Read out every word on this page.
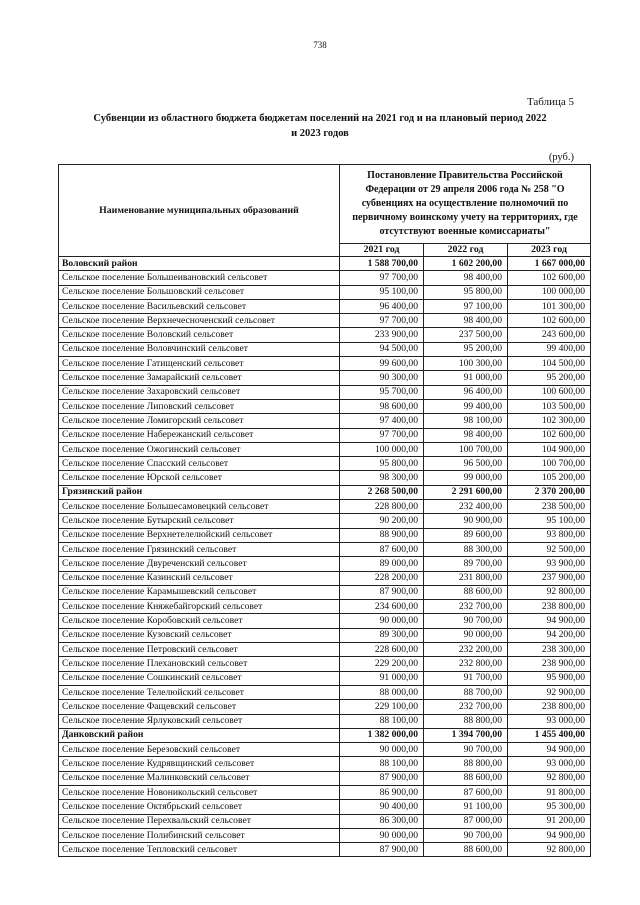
738
Таблица 5
Субвенции из областного бюджета бюджетам поселений на 2021 год и на плановый период 2022
и 2023 годов
(руб.)
Наименование муниципальных образований	Постановление Правительства Российской Федерации от 29 апреля 2006 года № 258 "О субвенциях на осуществление полномочий по первичному воинскому учету на территориях, где отсутствуют военные комиссариаты"		
	2021 год	2022 год	2023 год
Воловский район	1 588 700,00	1 602 200,00	1 667 000,00
Сельское поселение Большеивановский сельсовет	97 700,00	98 400,00	102 600,00
Сельское поселение Большовский сельсовет	95 100,00	95 800,00	100 000,00
Сельское поселение Васильевский сельсовет	96 400,00	97 100,00	101 300,00
Сельское поселение Верхнечесноченский сельсовет	97 700,00	98 400,00	102 600,00
Сельское поселение Воловский сельсовет	233 900,00	237 500,00	243 600,00
Сельское поселение Воловчинский сельсовет	94 500,00	95 200,00	99 400,00
Сельское поселение Гатищенский сельсовет	99 600,00	100 300,00	104 500,00
Сельское поселение Замарайский сельсовет	90 300,00	91 000,00	95 200,00
Сельское поселение Захаровский сельсовет	95 700,00	96 400,00	100 600,00
Сельское поселение Липовский сельсовет	98 600,00	99 400,00	103 500,00
Сельское поселение Ломигорский сельсовет	97 400,00	98 100,00	102 300,00
Сельское поселение Набережанский сельсовет	97 700,00	98 400,00	102 600,00
Сельское поселение Ожогинский сельсовет	100 000,00	100 700,00	104 900,00
Сельское поселение Спасский сельсовет	95 800,00	96 500,00	100 700,00
Сельское поселение Юрской сельсовет	98 300,00	99 000,00	105 200,00
Грязинский район	2 268 500,00	2 291 600,00	2 370 200,00
Сельское поселение Большесамовецкий сельсовет	228 800,00	232 400,00	238 500,00
Сельское поселение Бутырский сельсовет	90 200,00	90 900,00	95 100,00
Сельское поселение Верхнетелелюйский сельсовет	88 900,00	89 600,00	93 800,00
Сельское поселение Грязинский сельсовет	87 600,00	88 300,00	92 500,00
Сельское поселение Двуреченский сельсовет	89 000,00	89 700,00	93 900,00
Сельское поселение Казинский сельсовет	228 200,00	231 800,00	237 900,00
Сельское поселение Карамышевский сельсовет	87 900,00	88 600,00	92 800,00
Сельское поселение Княжебайгорский сельсовет	234 600,00	232 700,00	238 800,00
Сельское поселение Коробовский сельсовет	90 000,00	90 700,00	94 900,00
Сельское поселение Кузовский сельсовет	89 300,00	90 000,00	94 200,00
Сельское поселение Петровский сельсовет	228 600,00	232 200,00	238 300,00
Сельское поселение Плехановский сельсовет	229 200,00	232 800,00	238 900,00
Сельское поселение Сошкинский сельсовет	91 000,00	91 700,00	95 900,00
Сельское поселение Телелюйский сельсовет	88 000,00	88 700,00	92 900,00
Сельское поселение Фащевский сельсовет	229 100,00	232 700,00	238 800,00
Сельское поселение Ярлуковский сельсовет	88 100,00	88 800,00	93 000,00
Данковский район	1 382 000,00	1 394 700,00	1 455 400,00
Сельское поселение Березовский сельсовет	90 000,00	90 700,00	94 900,00
Сельское поселение Кудрявщинский сельсовет	88 100,00	88 800,00	93 000,00
Сельское поселение Малинковский сельсовет	87 900,00	88 600,00	92 800,00
Сельское поселение Новоникольский сельсовет	86 900,00	87 600,00	91 800,00
Сельское поселение Октябрьский сельсовет	90 400,00	91 100,00	95 300,00
Сельское поселение Перехвальский сельсовет	86 300,00	87 000,00	91 200,00
Сельское поселение Полибинский сельсовет	90 000,00	90 700,00	94 900,00
Сельское поселение Тепловский сельсовет	87 900,00	88 600,00	92 800,00
